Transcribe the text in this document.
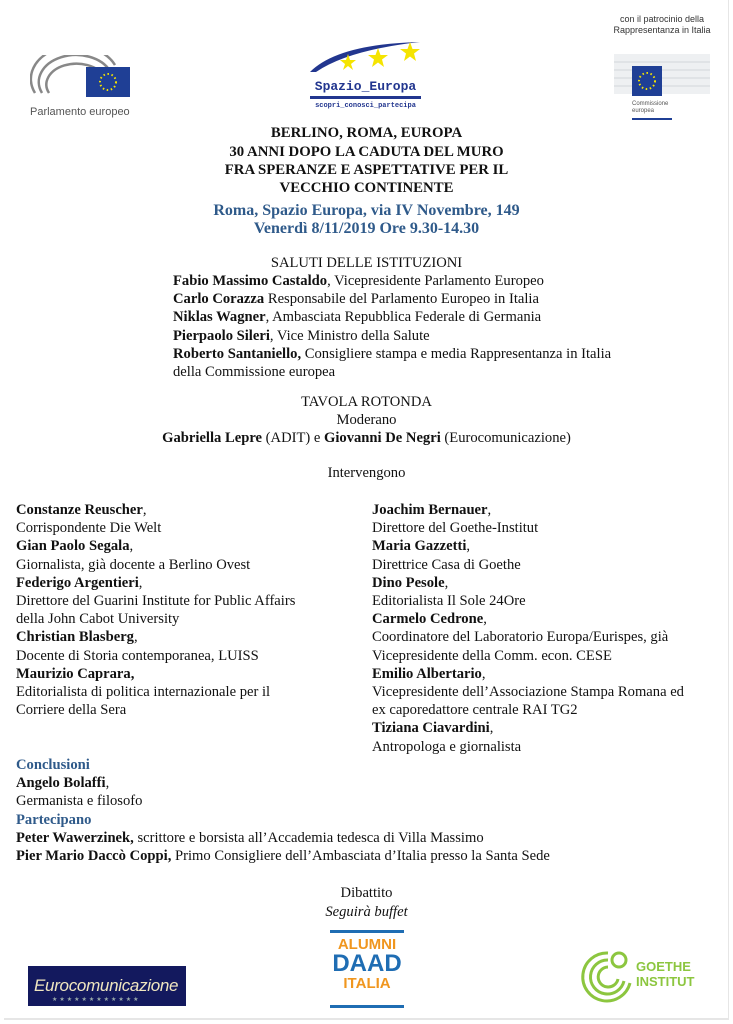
Parlamento europeo
Spazio_Europa
scopri_conosci_partecipa
con il patrocinio della Rappresentanza in Italia
Commissione europea
BERLINO, ROMA, EUROPA
30 ANNI DOPO LA CADUTA DEL MURO
FRA SPERANZE E ASPETTATIVE PER IL
VECCHIO CONTINENTE
Roma, Spazio Europa, via IV Novembre, 149
Venerdì 8/11/2019 Ore 9.30-14.30
SALUTI DELLE ISTITUZIONI
Fabio Massimo Castaldo, Vicepresidente Parlamento Europeo
Carlo Corazza Responsabile del Parlamento Europeo in Italia
Niklas Wagner, Ambasciata Repubblica Federale di Germania
Pierpaolo Sileri, Vice Ministro della Salute
Roberto Santaniello, Consigliere stampa e media Rappresentanza in Italia
della Commissione europea
TAVOLA ROTONDA
Moderano
Gabriella Lepre (ADIT) e Giovanni De Negri (Eurocomunicazione)
Intervengono
Constanze Reuscher,
Corrispondente Die Welt
Gian Paolo Segala,
Giornalista, già docente a Berlino Ovest
Federigo Argentieri,
Direttore del Guarini Institute for Public Affairs
della John Cabot University
Christian Blasberg,
Docente di Storia contemporanea, LUISS
Maurizio Caprara,
Editorialista di politica internazionale per il
Corriere della Sera
Joachim Bernauer,
Direttore del Goethe-Institut
Maria Gazzetti,
Direttrice Casa di Goethe
Dino Pesole,
Editorialista Il Sole 24Ore
Carmelo Cedrone,
Coordinatore del Laboratorio Europa/Eurispes, già
Vicepresidente della Comm. econ. CESE
Emilio Albertario,
Vicepresidente dell’Associazione Stampa Romana ed
ex caporedattore centrale RAI TG2
Tiziana Ciavardini,
Antropologa e giornalista
Conclusioni
Angelo Bolaffi,
Germanista e filosofo
Partecipano
Peter Wawerzinek, scrittore e borsista all’Accademia tedesca di Villa Massimo
Pier Mario Daccò Coppi, Primo Consigliere dell’Ambasciata d’Italia presso la Santa Sede
Dibattito
Seguirà buffet
Eurocomunicazione
★★★★★★★★★★★★
ALUMNI
DAAD
ITALIA
GOETHE
INSTITUT
